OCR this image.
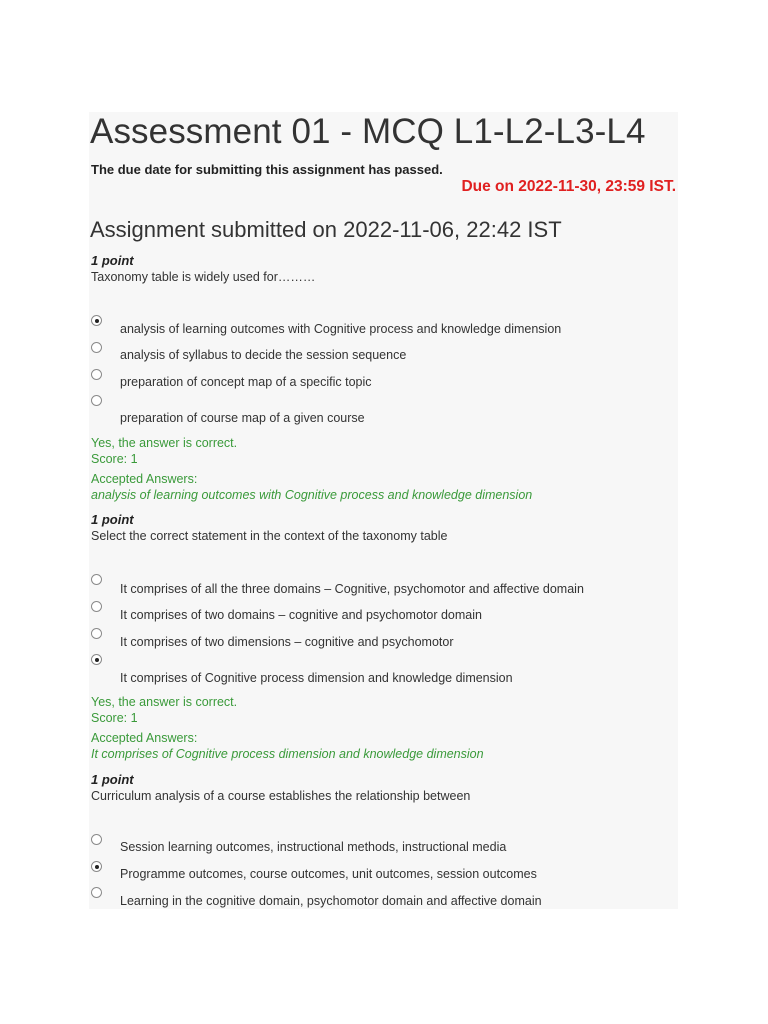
Assessment 01 - MCQ L1-L2-L3-L4
The due date for submitting this assignment has passed.
Due on 2022-11-30, 23:59 IST.
Assignment submitted on 2022-11-06, 22:42 IST
1 point
Taxonomy table is widely used for………
analysis of learning outcomes with Cognitive process and knowledge dimension
analysis of syllabus to decide the session sequence
preparation of concept map of a specific topic
preparation of course map of a given course
Yes, the answer is correct.
Score: 1
Accepted Answers:
analysis of learning outcomes with Cognitive process and knowledge dimension
1 point
Select the correct statement in the context of the taxonomy table
It comprises of all the three domains – Cognitive, psychomotor and affective domain
It comprises of two domains – cognitive and psychomotor domain
It comprises of two dimensions – cognitive and psychomotor
It comprises of Cognitive process dimension and knowledge dimension
Yes, the answer is correct.
Score: 1
Accepted Answers:
It comprises of Cognitive process dimension and knowledge dimension
1 point
Curriculum analysis of a course establishes the relationship between
Session learning outcomes, instructional methods, instructional media
Programme outcomes, course outcomes, unit outcomes, session outcomes
Learning in the cognitive domain, psychomotor domain and affective domain
